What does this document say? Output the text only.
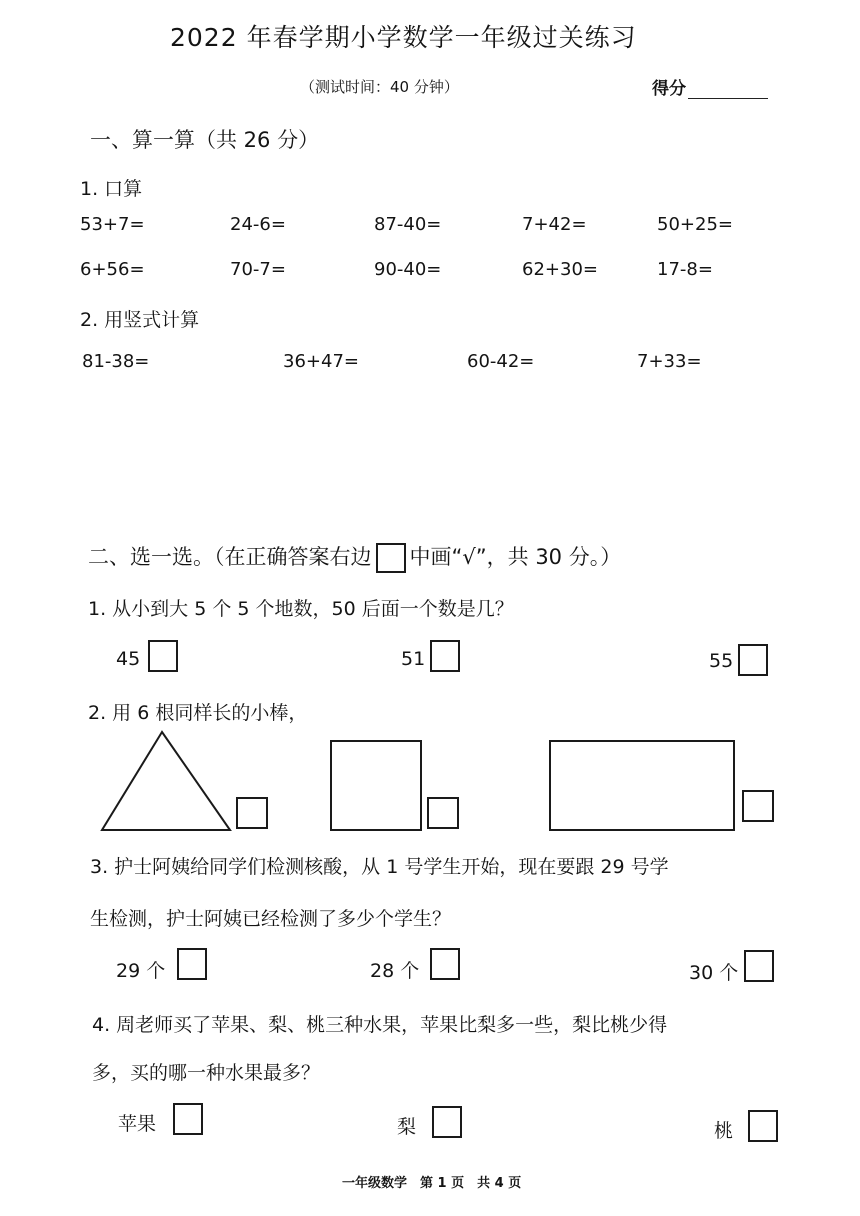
2022 年春学期小学数学一年级过关练习
（测试时间：40 分钟）	得分
一、算一算（共 26 分）
1. 口算
53+7=	24-6=	87-40=	7+42=	50+25=
6+56=	70-7=	90-40=	62+30=	17-8=
2. 用竖式计算
81-38=	36+47=	60-42=	7+33=
二、选一选。（在正确答案右边 中画“√”，共 30 分。）
1. 从小到大 5 个 5 个地数，50 后面一个数是几？
45	51	55
2. 用 6 根同样长的小棒，
3. 护士阿姨给同学们检测核酸，从 1 号学生开始，现在要跟 29 号学
生检测，护士阿姨已经检测了多少个学生？
29 个	28 个	30 个
4. 周老师买了苹果、梨、桃三种水果，苹果比梨多一些，梨比桃少得
多，买的哪一种水果最多？
苹果	梨	桃
一年级数学　第 1 页　共 4 页
